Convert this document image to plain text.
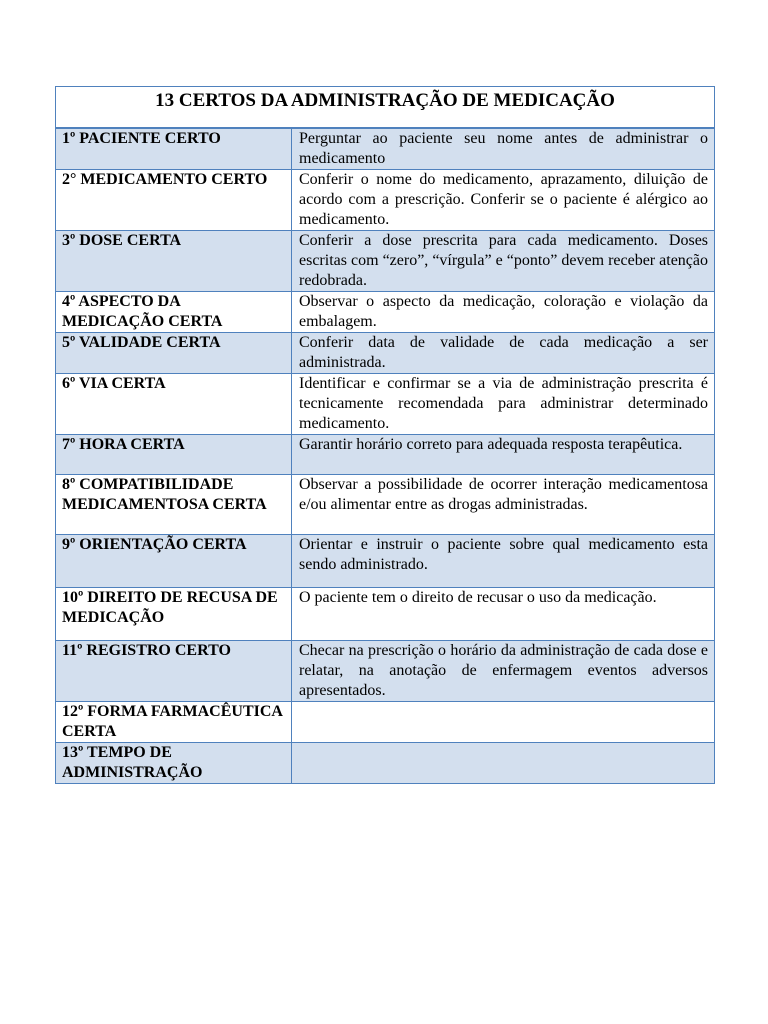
13 CERTOS DA ADMINISTRAÇÃO DE MEDICAÇÃO	
1º PACIENTE CERTO	Perguntar ao paciente seu nome antes de administrar o medicamento
2° MEDICAMENTO CERTO	Conferir o nome do medicamento, aprazamento, diluição de acordo com a prescrição. Conferir se o paciente é alérgico ao medicamento.
3º DOSE CERTA	Conferir a dose prescrita para cada medicamento. Doses escritas com “zero”, “vírgula” e “ponto” devem receber atenção redobrada.
4º ASPECTO DA MEDICAÇÃO CERTA	Observar o aspecto da medicação, coloração e violação da embalagem.
5º VALIDADE CERTA	Conferir data de validade de cada medicação a ser administrada.
6º VIA CERTA	Identificar e confirmar se a via de administração prescrita é tecnicamente recomendada para administrar determinado medicamento.
7º HORA CERTA	Garantir horário correto para adequada resposta terapêutica.
8º COMPATIBILIDADE MEDICAMENTOSA CERTA	Observar a possibilidade de ocorrer interação medicamentosa e/ou alimentar entre as drogas administradas.
9º ORIENTAÇÃO CERTA	Orientar e instruir o paciente sobre qual medicamento esta sendo administrado.
10º DIREITO DE RECUSA DE MEDICAÇÃO	O paciente tem o direito de recusar o uso da medicação.
11º REGISTRO CERTO	Checar na prescrição o horário da administração de cada dose e relatar, na anotação de enfermagem eventos adversos apresentados.
12º FORMA FARMACÊUTICA CERTA	
13º TEMPO DE ADMINISTRAÇÃO	
